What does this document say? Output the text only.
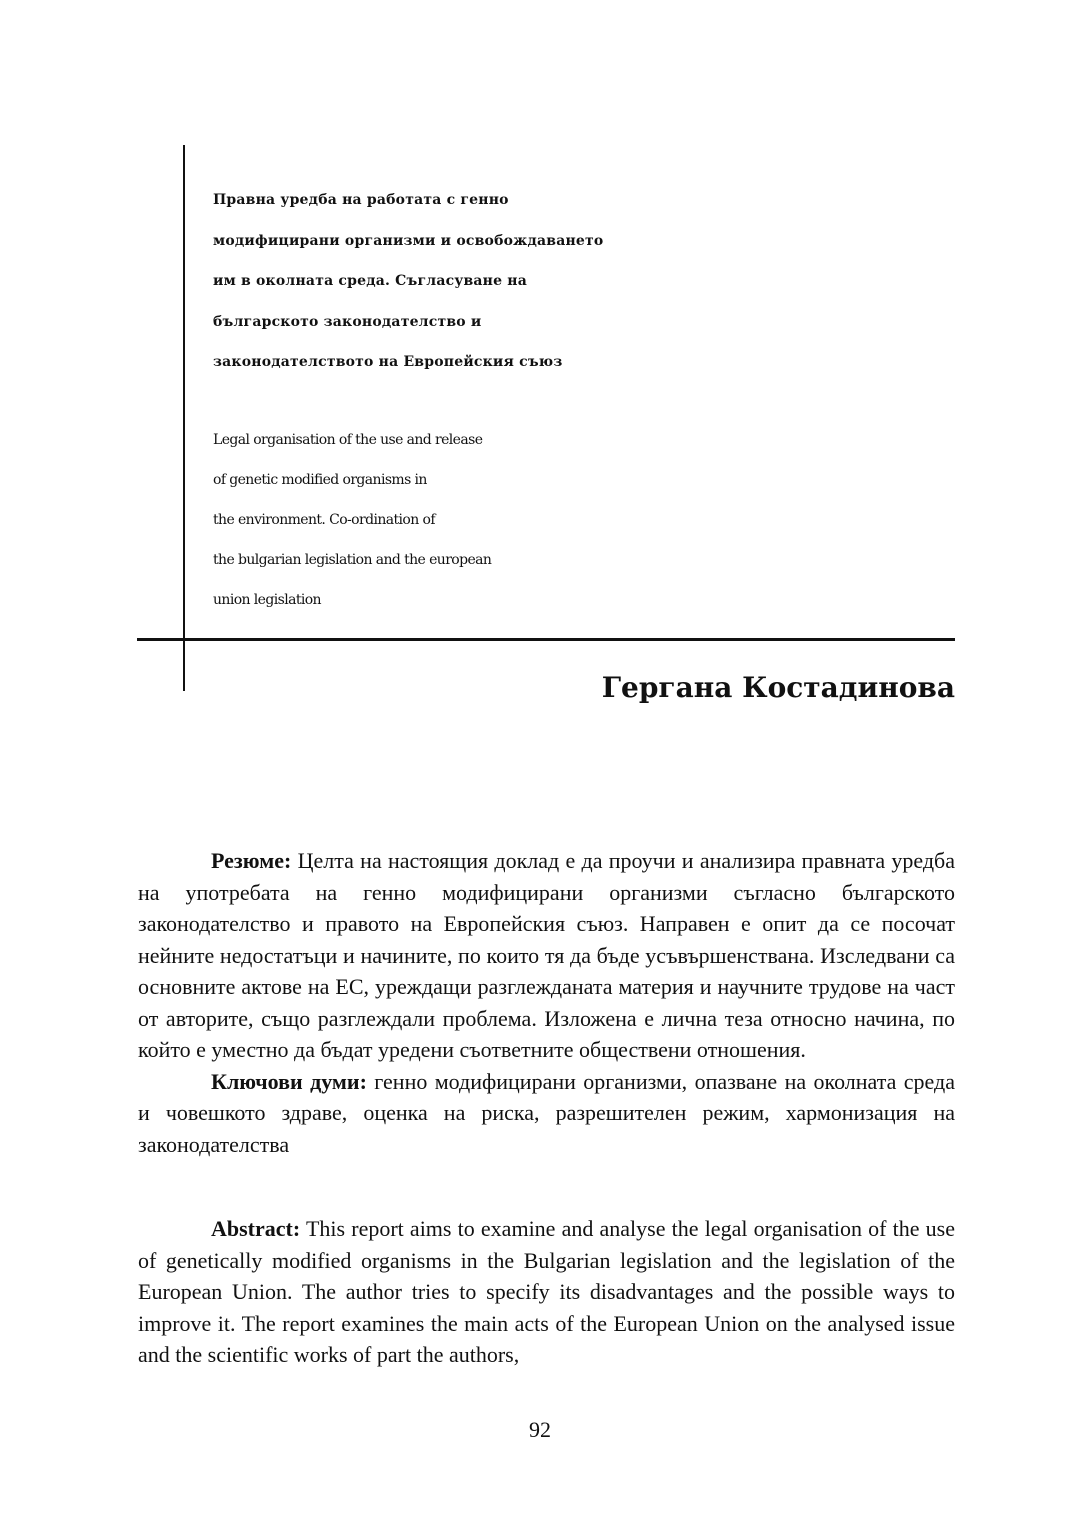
Правна уредба на работата с генно
модифицирани организми и освобождаването
им в околната среда. Съгласуване на
българското законодателство и
законодателството на Европейския съюз
Legal organisation of the use and release
of genetic modified organisms in
the environment. Co-ordination of
the bulgarian legislation and the european
union legislation
Гергана Костадинова

Резюме: Целта на настоящия доклад е да проучи и анализира правната уредба на употребата на генно модифицирани организми съгласно българското законодателство и правото на Европейския съюз. Направен е опит да се посочат нейните недостатъци и начините, по които тя да бъде усъвършенствана. Изследвани са основните актове на ЕС, уреждащи разглежданата материя и научните трудове на част от авторите, също разглеждали проблема. Изложена е лична теза относно начина, по който е уместно да бъдат уредени съответните обществени отношения.

Ключови думи: генно модифицирани организми, опазване на околната среда и човешкото здраве, оценка на риска, разрешителен режим, хармонизация на законодателства

Abstract: This report aims to examine and analyse the legal organisation of the use of genetically modified organisms in the Bulgarian legislation and the legislation of the European Union. The author tries to specify its disadvantages and the possible ways to improve it. The report examines the main acts of the European Union on the analysed issue and the scientific works of part the authors,

92
